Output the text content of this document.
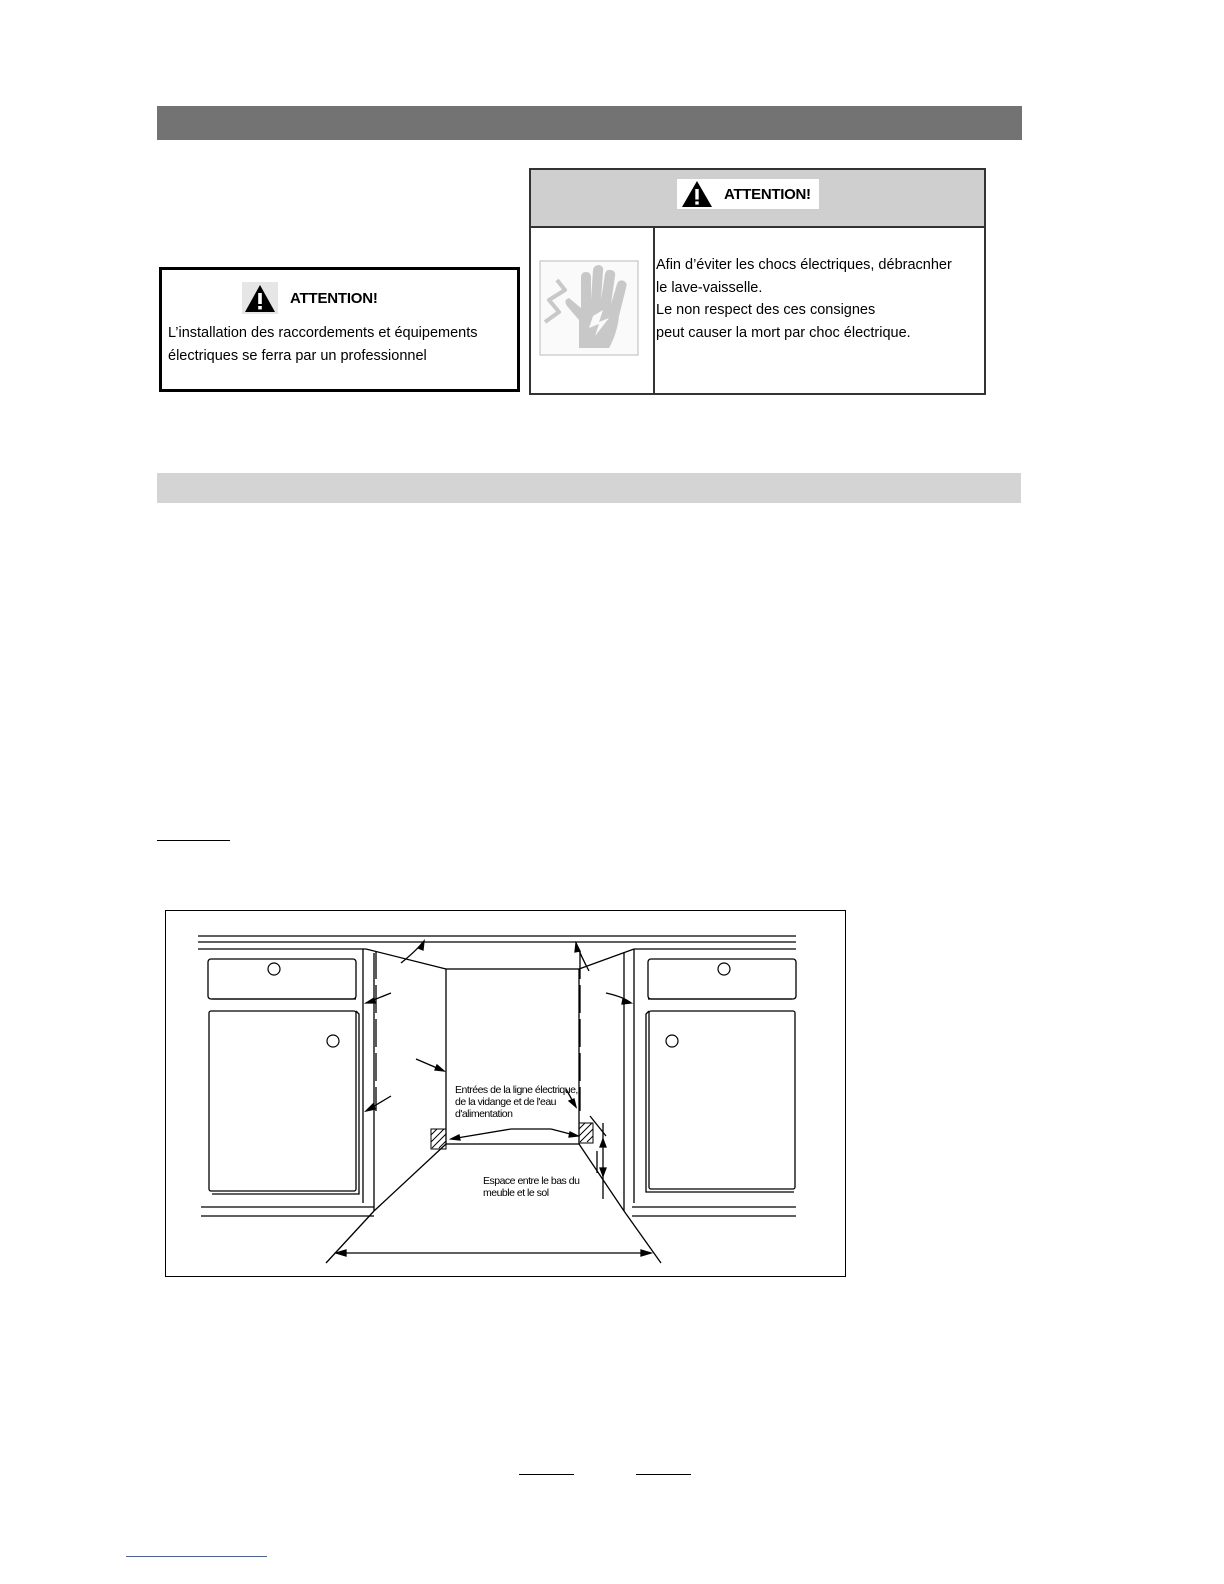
ATTENTION!
L’installation des raccordements et équipements
électriques se ferra par un professionnel
ATTENTION!
Afin d’éviter les chocs électriques, débracnher
le lave-vaisselle.
Le non respect des ces consignes
peut causer la mort par choc électrique.
Entrées de la ligne électrique,
de la vidange et de l'eau
d'alimentation
Espace entre le bas du
meuble et le sol
